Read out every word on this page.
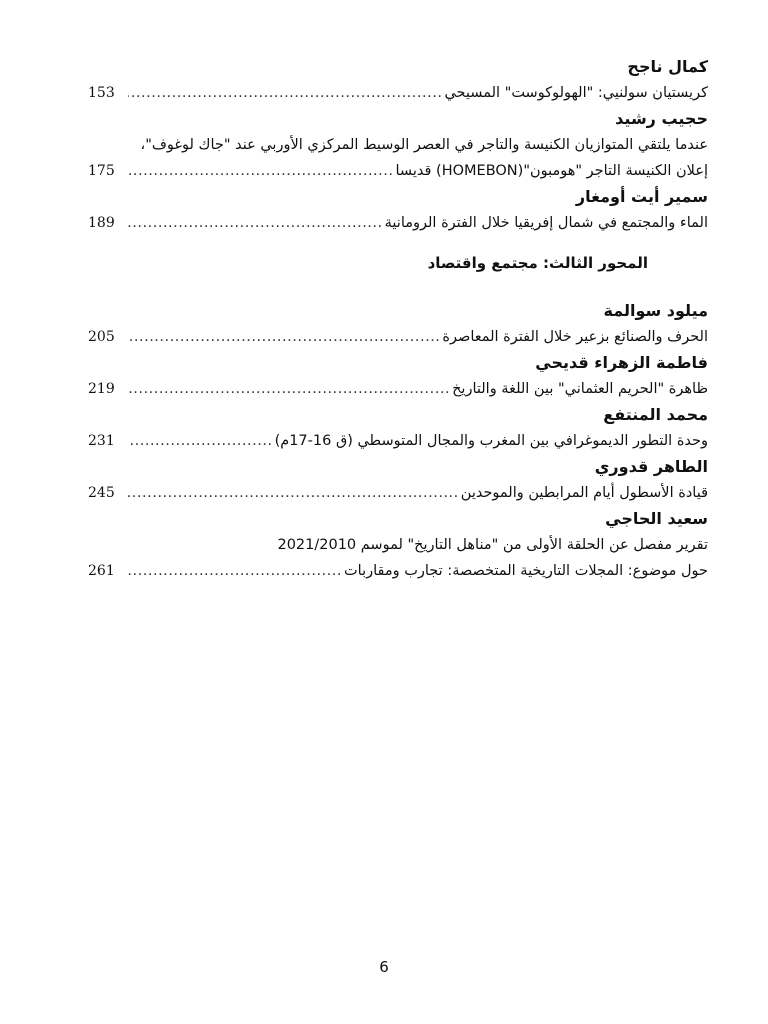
كمال ناجح
كريستيان سولنيي: "الهولوكوست" المسيحي
.....
153
حجيب رشيد
عندما يلتقي المتوازيان الكنيسة والتاجر في العصر الوسيط المركزي الأوربي عند "جاك لوغوف"،
إعلان الكنيسة التاجر "هومبون"(HOMEBON) قديسا
.....
175
سمير أيت أومغار
الماء والمجتمع في شمال إفريقيا خلال الفترة الرومانية
.....
189
المحور الثالث: مجتمع واقتصاد
ميلود سوالمة
الحرف والصنائع بزعير خلال الفترة المعاصرة
.....
205
فاطمة الزهراء قديحي
ظاهرة "الحريم العثماني" بين اللغة والتاريخ
.....
219
محمد المنتفع
وحدة التطور الديموغرافي بين المغرب والمجال المتوسطي (ق 16-17م)
.....
231
الطاهر قدوري
قيادة الأسطول أيام المرابطين والموحدين
.....
245
سعيد الحاجي
تقرير مفصل عن الحلقة الأولى من "مناهل التاريخ" لموسم 2021/2010
حول موضوع: المجلات التاريخية المتخصصة: تجارب ومقاربات
.....
261
6
